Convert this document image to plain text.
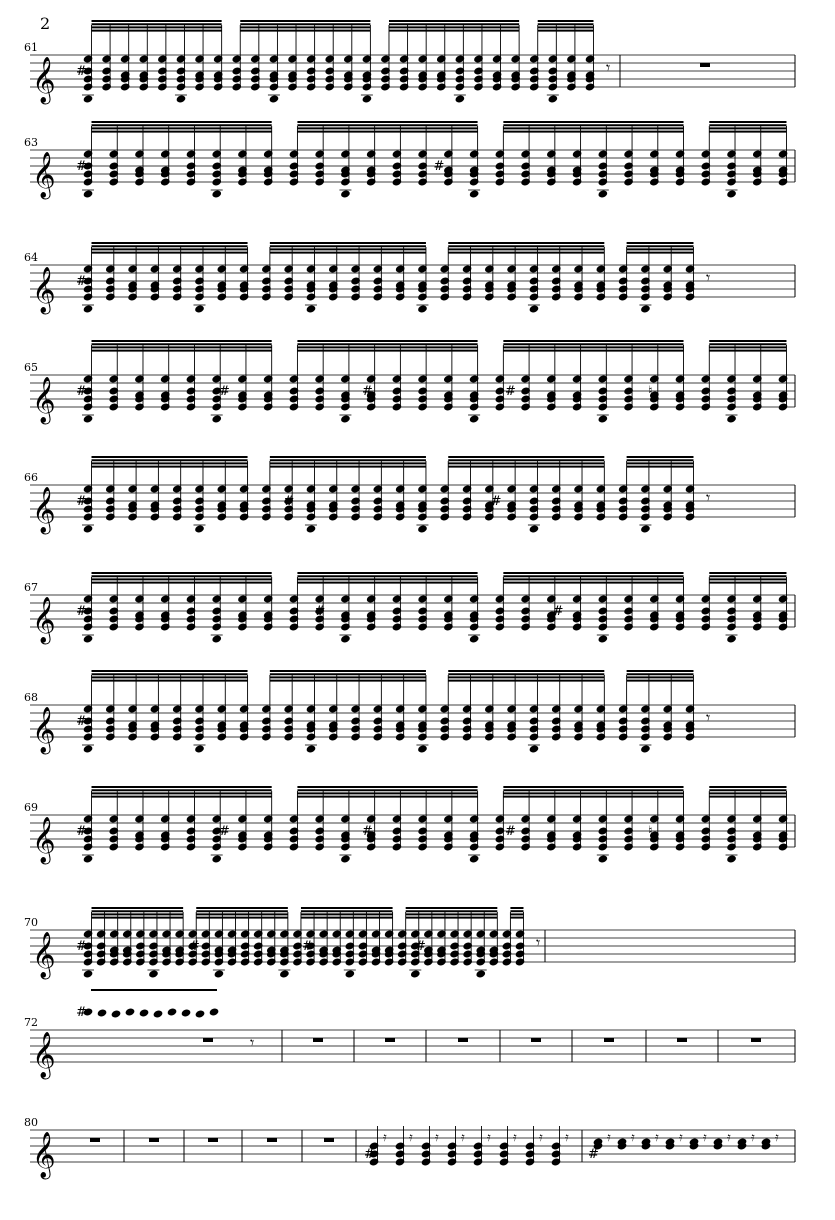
2
61
𝄞 #	𝄾
63
𝄞 #	#
64
𝄞 #	𝄾
65
𝄞 #	#	#	#	♮
66
𝄞 #	#	#	𝄾
67
𝄞 #	#	#
68
𝄞 #	𝄾
69
𝄞 #	#	#	#	♮
70
𝄞 #	#	#	#	𝄾
72
𝄞
#
𝄾
80
𝄞	𝄿 𝄿 𝄿 𝄿 𝄿 𝄿 𝄿 𝄿	𝄿 𝄿 𝄿 𝄿 𝄿 𝄿 𝄿 𝄿
#	#
